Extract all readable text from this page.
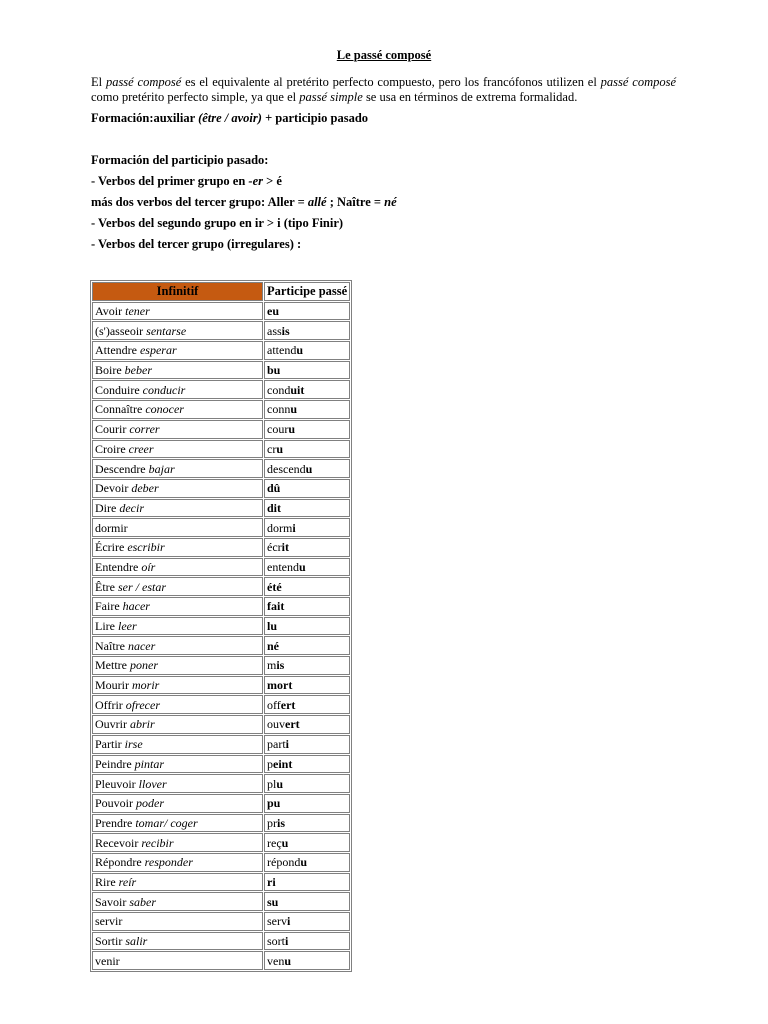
Le passé composé
El passé composé es el equivalente al pretérito perfecto compuesto, pero los francófonos utilizen el passé composé como pretérito perfecto simple, ya que el passé simple se usa en términos de extrema formalidad.
Formación:auxiliar (être / avoir) + participio pasado
Formación del participio pasado:
- Verbos del primer grupo en -er > é
más dos verbos del tercer grupo: Aller = allé ; Naître = né
- Verbos del segundo grupo en ir > i (tipo Finir)
- Verbos del tercer grupo (irregulares) :
Infinitif	Participe passé
Avoir tener	eu
(s')asseoir sentarse	assis
Attendre esperar	attendu
Boire beber	bu
Conduire conducir	conduit
Connaître conocer	connu
Courir correr	couru
Croire creer	cru
Descendre bajar	descendu
Devoir deber	dû
Dire decir	dit
dormir	dormi
Écrire escribir	écrit
Entendre oír	entendu
Être ser / estar	été
Faire hacer	fait
Lire leer	lu
Naître nacer	né
Mettre poner	mis
Mourir morir	mort
Offrir ofrecer	offert
Ouvrir abrir	ouvert
Partir irse	parti
Peindre pintar	peint
Pleuvoir llover	plu
Pouvoir poder	pu
Prendre tomar/ coger	pris
Recevoir recibir	reçu
Répondre responder	répondu
Rire reír	ri
Savoir saber	su
servir	servi
Sortir salir	sorti
venir	venu
